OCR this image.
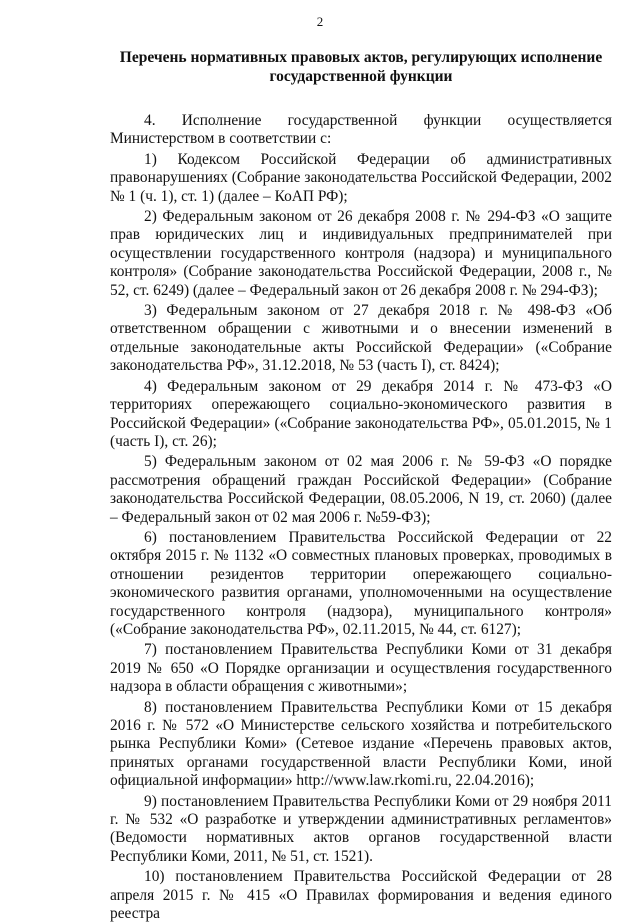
2
Перечень нормативных правовых актов, регулирующих исполнение государственной функции

4. Исполнение государственной функции осуществляется Министерством в соответствии с:

1) Кодексом Российской Федерации об административных правонарушениях (Собрание законодательства Российской Федерации, 2002 № 1 (ч. 1), ст. 1) (далее – КоАП РФ);

2) Федеральным законом от 26 декабря 2008 г. № 294-ФЗ «О защите прав юридических лиц и индивидуальных предпринимателей при осуществлении государственного контроля (надзора) и муниципального контроля» (Собрание законодательства Российской Федерации, 2008 г., № 52, ст. 6249) (далее – Федеральный закон от 26 декабря 2008 г. № 294-ФЗ);

3) Федеральным законом от 27 декабря 2018 г. № 498-ФЗ «Об ответственном обращении с животными и о внесении изменений в отдельные законодательные акты Российской Федерации» («Собрание законодательства РФ», 31.12.2018, № 53 (часть I), ст. 8424);

4) Федеральным законом от 29 декабря 2014 г. № 473-ФЗ «О территориях опережающего социально-экономического развития в Российской Федерации» («Собрание законодательства РФ», 05.01.2015, № 1 (часть I), ст. 26);

5) Федеральным законом от 02 мая 2006 г. № 59-ФЗ «О порядке рассмотрения обращений граждан Российской Федерации» (Собрание законодательства Российской Федерации, 08.05.2006, N 19, ст. 2060) (далее – Федеральный закон от 02 мая 2006 г. №59-ФЗ);

6) постановлением Правительства Российской Федерации от 22 октября 2015 г. № 1132 «О совместных плановых проверках, проводимых в отношении резидентов территории опережающего социально-экономического развития органами, уполномоченными на осуществление государственного контроля (надзора), муниципального контроля» («Собрание законодательства РФ», 02.11.2015, № 44, ст. 6127);

7) постановлением Правительства Республики Коми от 31 декабря 2019 № 650 «О Порядке организации и осуществления государственного надзора в области обращения с животными»;

8) постановлением Правительства Республики Коми от 15 декабря 2016 г. № 572 «О Министерстве сельского хозяйства и потребительского рынка Республики Коми» (Сетевое издание «Перечень правовых актов, принятых органами государственной власти Республики Коми, иной официальной информации» http://www.law.rkomi.ru, 22.04.2016);

9) постановлением Правительства Республики Коми от 29 ноября 2011 г. № 532 «О разработке и утверждении административных регламентов» (Ведомости нормативных актов органов государственной власти Республики Коми, 2011, № 51, ст. 1521).

10) постановлением Правительства Российской Федерации от 28 апреля 2015 г. № 415 «О Правилах формирования и ведения единого реестра
